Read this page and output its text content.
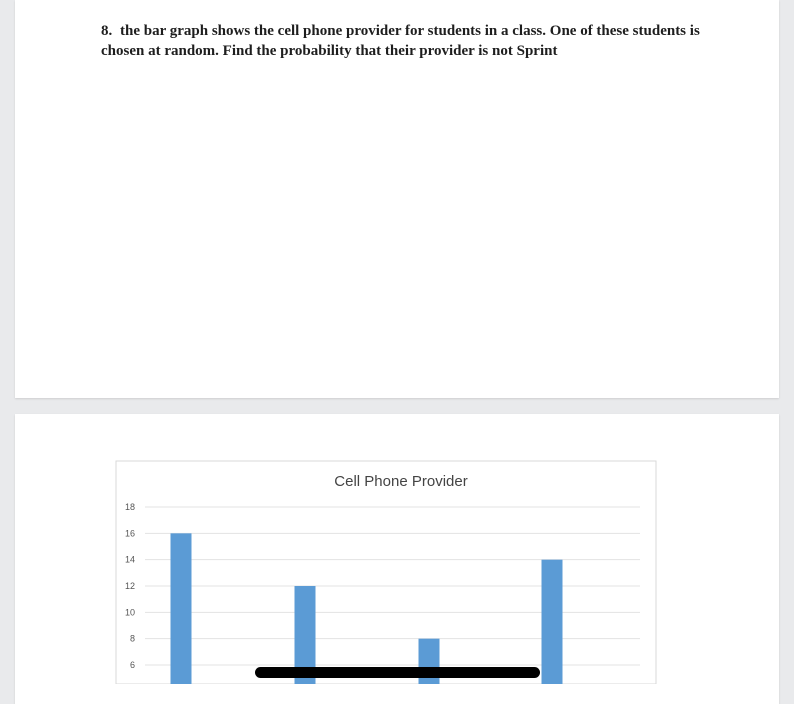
8. the bar graph shows the cell phone provider for students in a class. One of these students is chosen at random. Find the probability that their provider is not Sprint

Cell Phone Provider
6
8
10
12
14
16
18
